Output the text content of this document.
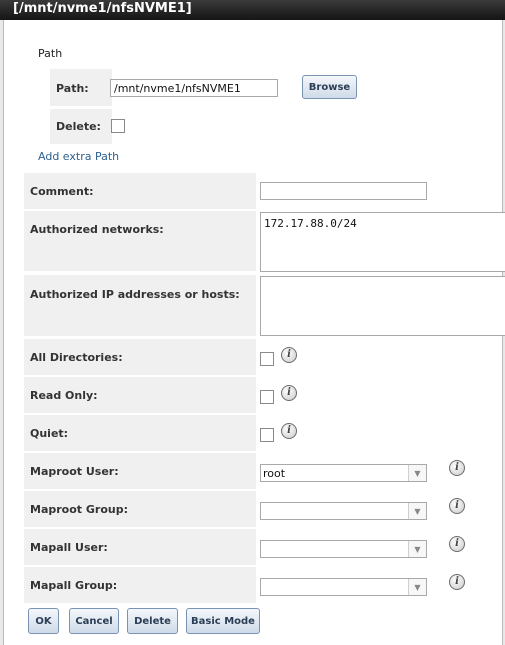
[/mnt/nvme1/nfsNVME1]
Path
Path:
/mnt/nvme1/nfsNVME1	Browse
Delete:
Add extra Path
Comment:
Authorized networks:	172.17.88.0/24
Authorized IP addresses or hosts:
All Directories:	i
Read Only:	i
Quiet:	i
Maproot User:	root	▼	i
Maproot Group:	▼	i
Mapall User:	▼	i
Mapall Group:	▼	i
OK	Cancel	Delete	Basic Mode
